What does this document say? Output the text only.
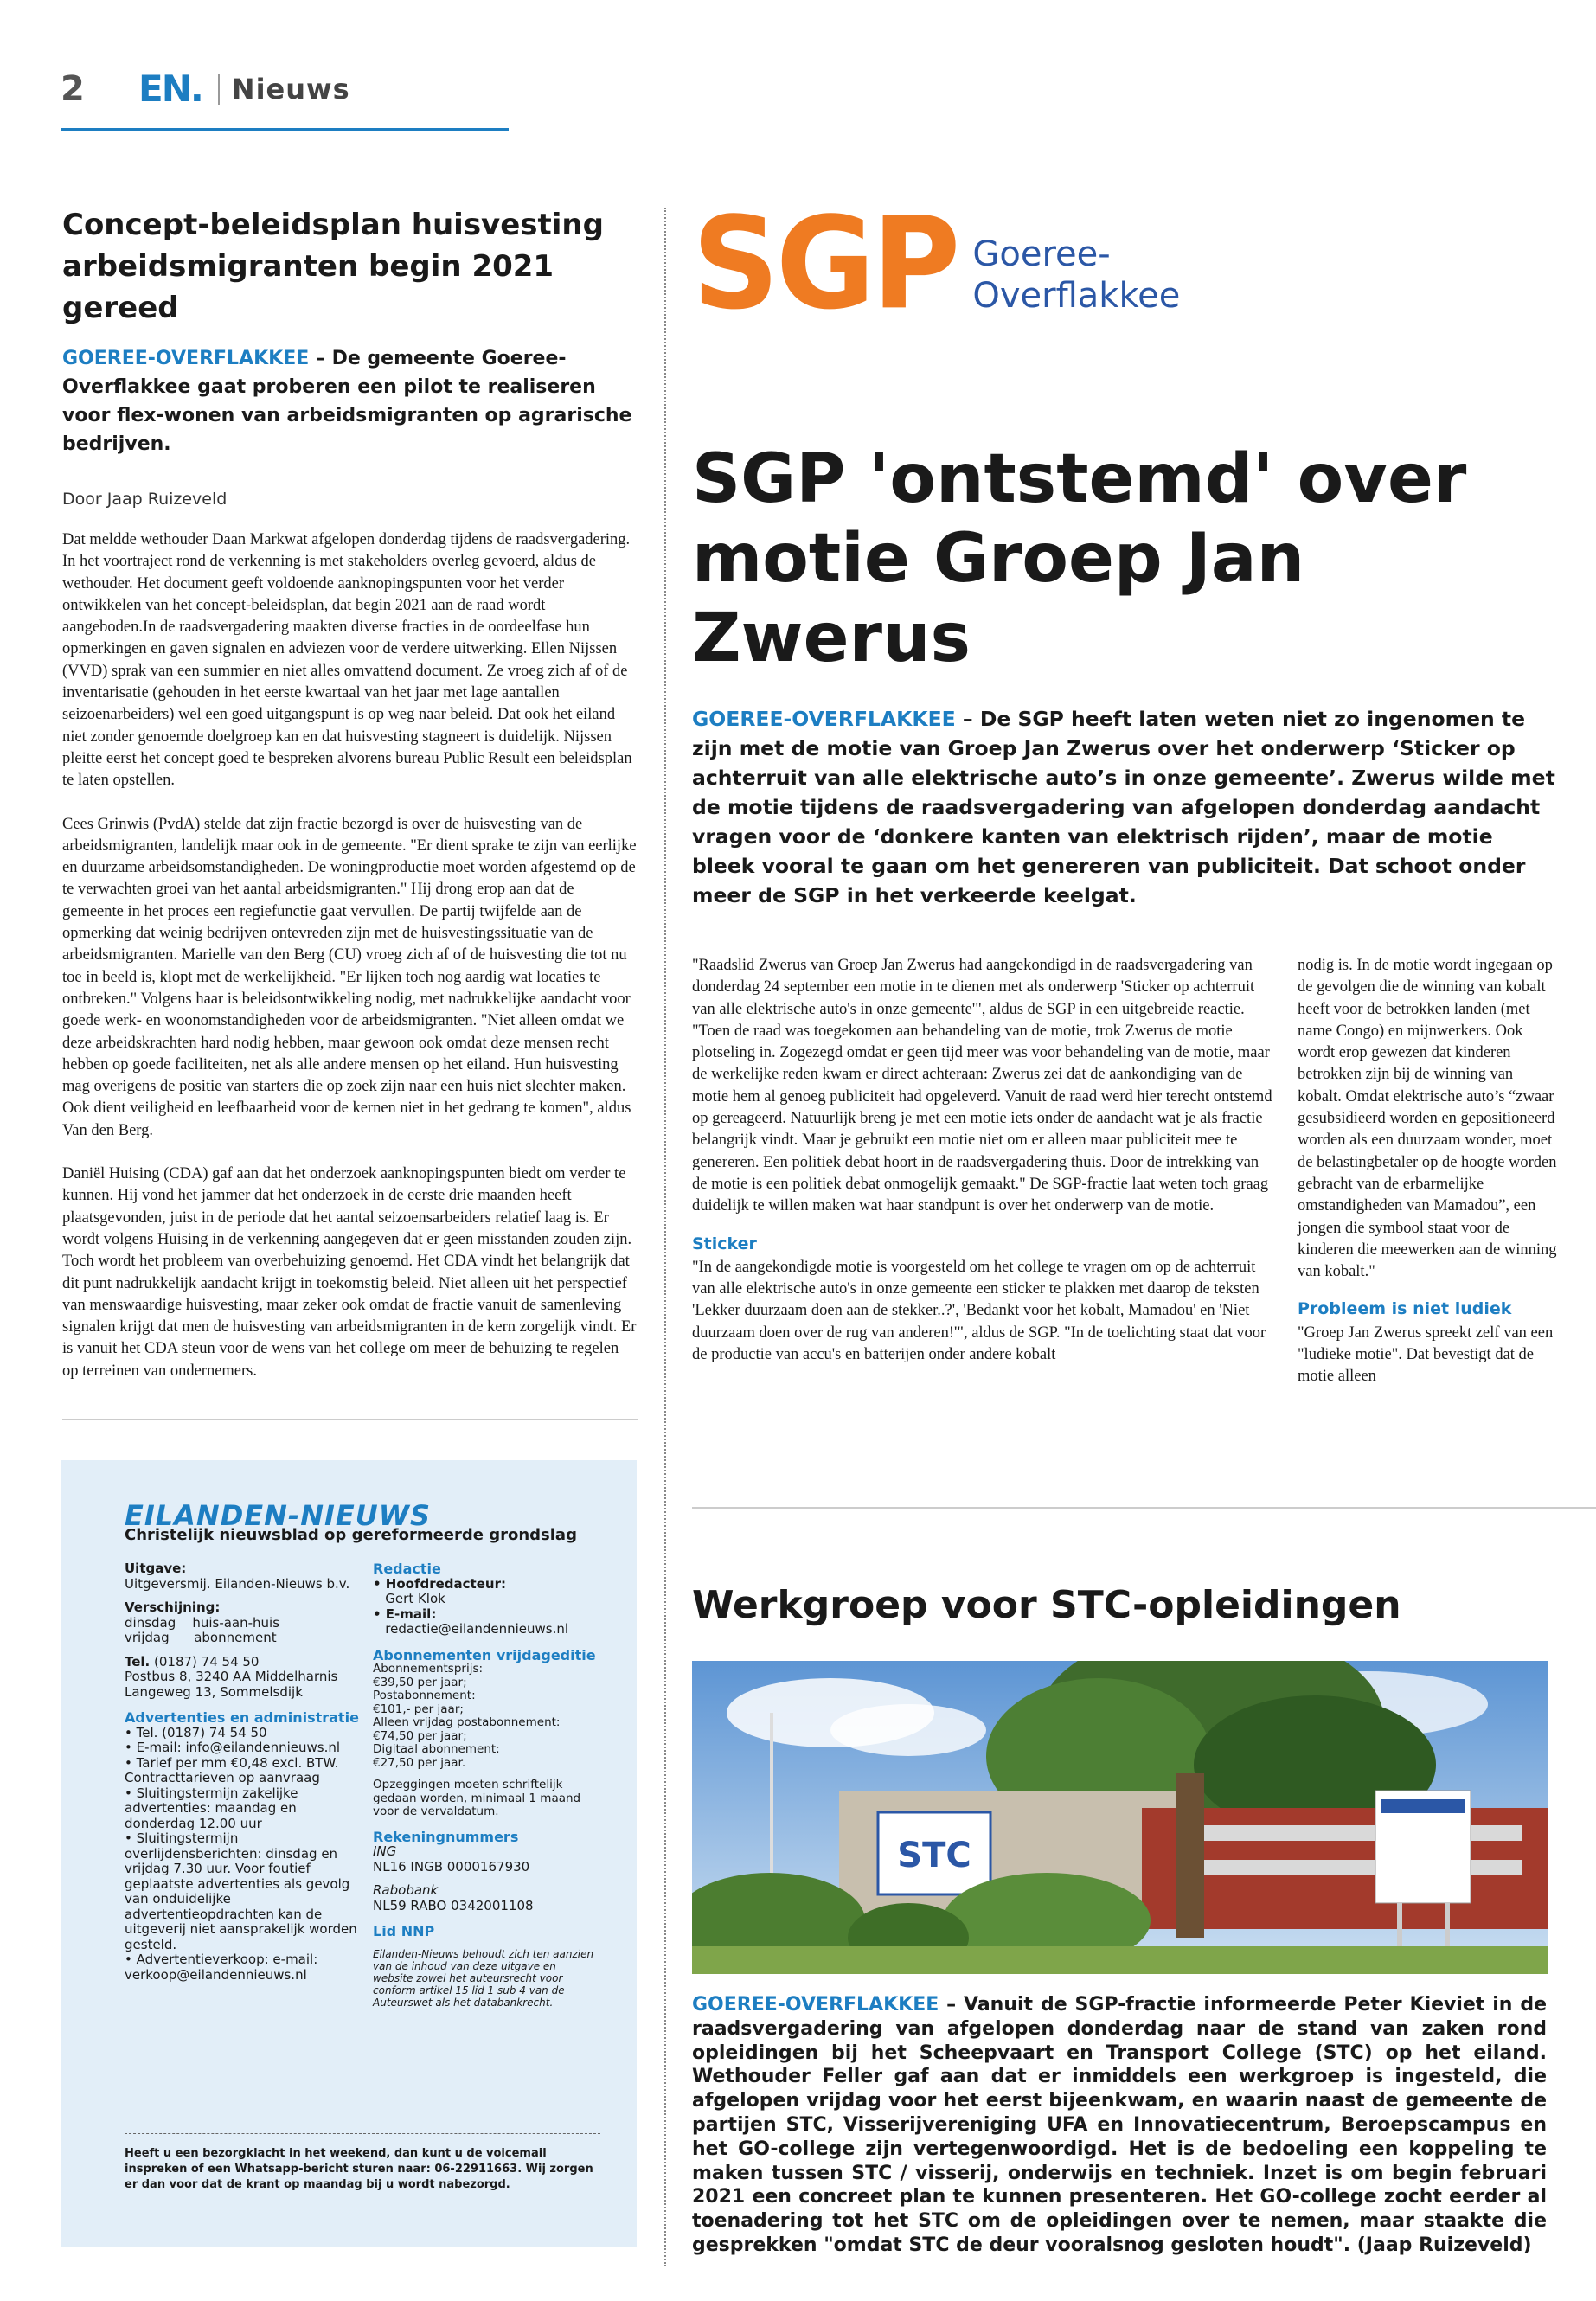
2	EN. Nieuws
Concept-beleidsplan huisvesting arbeidsmigranten begin 2021 gereed

GOEREE-OVERFLAKKEE – De gemeente Goeree-Overflakkee gaat proberen een pilot te realiseren voor flex-wonen van arbeidsmigranten op agrarische bedrijven.

Door Jaap Ruizeveld

Dat meldde wethouder Daan Markwat afgelopen donderdag tijdens de raadsvergadering. In het voortraject rond de verkenning is met stakeholders overleg gevoerd, aldus de wethouder. Het document geeft voldoende aanknopingspunten voor het verder ontwikkelen van het concept-beleidsplan, dat begin 2021 aan de raad wordt aangeboden.In de raadsvergadering maakten diverse fracties in de oordeelfase hun opmerkingen en gaven signalen en adviezen voor de verdere uitwerking. Ellen Nijssen (VVD) sprak van een summier en niet alles omvattend document. Ze vroeg zich af of de inventarisatie (gehouden in het eerste kwartaal van het jaar met lage aantallen seizoenarbeiders) wel een goed uitgangspunt is op weg naar beleid. Dat ook het eiland niet zonder genoemde doelgroep kan en dat huisvesting stagneert is duidelijk. Nijssen pleitte eerst het concept goed te bespreken alvorens bureau Public Result een beleidsplan te laten opstellen.

Cees Grinwis (PvdA) stelde dat zijn fractie bezorgd is over de huisvesting van de arbeidsmigranten, landelijk maar ook in de gemeente. "Er dient sprake te zijn van eerlijke en duurzame arbeidsomstandigheden. De woningproductie moet worden afgestemd op de te verwachten groei van het aantal arbeidsmigranten." Hij drong erop aan dat de gemeente in het proces een regiefunctie gaat vervullen. De partij twijfelde aan de opmerking dat weinig bedrijven ontevreden zijn met de huisvestingssituatie van de arbeidsmigranten. Marielle van den Berg (CU) vroeg zich af of de huisvesting die tot nu toe in beeld is, klopt met de werkelijkheid. "Er lijken toch nog aardig wat locaties te ontbreken." Volgens haar is beleidsontwikkeling nodig, met nadrukkelijke aandacht voor goede werk- en woonomstandigheden voor de arbeidsmigranten. "Niet alleen omdat we deze arbeidskrachten hard nodig hebben, maar gewoon ook omdat deze mensen recht hebben op goede faciliteiten, net als alle andere mensen op het eiland. Hun huisvesting mag overigens de positie van starters die op zoek zijn naar een huis niet slechter maken. Ook dient veiligheid en leefbaarheid voor de kernen niet in het gedrang te komen", aldus Van den Berg.

Daniël Huising (CDA) gaf aan dat het onderzoek aanknopingspunten biedt om verder te kunnen. Hij vond het jammer dat het onderzoek in de eerste drie maanden heeft plaatsgevonden, juist in de periode dat het aantal seizoensarbeiders relatief laag is. Er wordt volgens Huising in de verkenning aangegeven dat er geen misstanden zouden zijn. Toch wordt het probleem van overbehuizing genoemd. Het CDA vindt het belangrijk dat dit punt nadrukkelijk aandacht krijgt in toekomstig beleid. Niet alleen uit het perspectief van menswaardige huisvesting, maar zeker ook omdat de fractie vanuit de samenleving signalen krijgt dat men de huisvesting van arbeidsmigranten in de kern zorgelijk vindt. Er is vanuit het CDA steun voor de wens van het college om meer de behuizing te regelen op terreinen van ondernemers.

SGP Goeree-
Overflakkee
SGP 'ontstemd' over motie Groep Jan Zwerus

GOEREE-OVERFLAKKEE – De SGP heeft laten weten niet zo ingenomen te zijn met de motie van Groep Jan Zwerus over het onderwerp ‘Sticker op achterruit van alle elektrische auto’s in onze gemeente’. Zwerus wilde met de motie tijdens de raadsvergadering van afgelopen donderdag aandacht vragen voor de ‘donkere kanten van elektrisch rijden’, maar de motie bleek vooral te gaan om het genereren van publiciteit. Dat schoot onder meer de SGP in het verkeerde keelgat.

"Raadslid Zwerus van Groep Jan Zwerus had aangekondigd in de raadsvergadering van donderdag 24 september een motie in te dienen met als onderwerp 'Sticker op achterruit van alle elektrische auto's in onze gemeente'", aldus de SGP in een uitgebreide reactie. "Toen de raad was toegekomen aan behandeling van de motie, trok Zwerus de motie plotseling in. Zogezegd omdat er geen tijd meer was voor behandeling van de motie, maar de werkelijke reden kwam er direct achteraan: Zwerus zei dat de aankondiging van de motie hem al genoeg publiciteit had opgeleverd. Vanuit de raad werd hier terecht ontstemd op gereageerd. Natuurlijk breng je met een motie iets onder de aandacht wat je als fractie belangrijk vindt. Maar je gebruikt een motie niet om er alleen maar publiciteit mee te genereren. Een politiek debat hoort in de raadsvergadering thuis. Door de intrekking van de motie is een politiek debat onmogelijk gemaakt." De SGP-fractie laat weten toch graag duidelijk te willen maken wat haar standpunt is over het onderwerp van de motie.

Sticker

"In de aangekondigde motie is voorgesteld om het college te vragen om op de achterruit van alle elektrische auto's in onze gemeente een sticker te plakken met daarop de teksten 'Lekker duurzaam doen aan de stekker..?', 'Bedankt voor het kobalt, Mamadou' en 'Niet duurzaam doen over de rug van anderen!'", aldus de SGP. "In de toelichting staat dat voor de productie van accu's en batterijen onder andere kobalt

nodig is. In de motie wordt ingegaan op de gevolgen die de winning van kobalt heeft voor de betrokken landen (met name Congo) en mijnwerkers. Ook wordt erop gewezen dat kinderen betrokken zijn bij de winning van kobalt. Omdat elektrische auto’s “zwaar gesubsidieerd worden en gepositioneerd worden als een duurzaam wonder, moet de belastingbetaler op de hoogte worden gebracht van de erbarmelijke omstandigheden van Mamadou”, een jongen die symbool staat voor de kinderen die meewerken aan de winning van kobalt."

Probleem is niet ludiek

"Groep Jan Zwerus spreekt zelf van een "ludieke motie". Dat bevestigt dat de motie alleen

EILANDEN-NIEUWS
Christelijk nieuwsblad op gereformeerde grondslag
Uitgave:
Uitgeversmij. Eilanden-Nieuws b.v.
Verschijning:
dinsdag    huis-aan-huis
vrijdag      abonnement
Tel. (0187) 74 54 50
Postbus 8, 3240 AA Middelharnis
Langeweg 13, Sommelsdijk
Advertenties en administratie
• Tel. (0187) 74 54 50
• E-mail: info@eilandennieuws.nl
• Tarief per mm €0,48 excl. BTW. Contracttarieven op aanvraag
• Sluitingstermijn zakelijke advertenties: maandag en donderdag 12.00 uur
• Sluitingstermijn overlijdensberichten: dinsdag en vrijdag 7.30 uur. Voor foutief geplaatste advertenties als gevolg van onduidelijke advertentieopdrachten kan de uitgeverij niet aansprakelijk worden gesteld.
• Advertentieverkoop: e-mail: verkoop@eilandennieuws.nl
Redactie
• Hoofdredacteur:
Gert Klok
• E-mail:
redactie@eilandennieuws.nl
Abonnementen vrijdageditie
Abonnementsprijs:
€39,50 per jaar;
Postabonnement:
€101,- per jaar;
Alleen vrijdag postabonnement:
€74,50 per jaar;
Digitaal abonnement:
€27,50 per jaar.
Opzeggingen moeten schriftelijk gedaan worden, minimaal 1 maand voor de vervaldatum.
Rekeningnummers
ING
NL16 INGB 0000167930
Rabobank
NL59 RABO 0342001108
Lid NNP
Eilanden-Nieuws behoudt zich ten aanzien van de inhoud van deze uitgave en website zowel het auteursrecht voor conform artikel 15 lid 1 sub 4 van de Auteurswet als het databankrecht.
Heeft u een bezorgklacht in het weekend, dan kunt u de voicemail inspreken of een Whatsapp-bericht sturen naar: 06-22911663. Wij zorgen er dan voor dat de krant op maandag bij u wordt nabezorgd.
Werkgroep voor STC-opleidingen
STC

GOEREE-OVERFLAKKEE – Vanuit de SGP-fractie informeerde Peter Kieviet in de raadsvergadering van afgelopen donderdag naar de stand van zaken rond opleidingen bij het Scheepvaart en Transport College (STC) op het eiland. Wethouder Feller gaf aan dat er inmiddels een werkgroep is ingesteld, die afgelopen vrijdag voor het eerst bijeenkwam, en waarin naast de gemeente de partijen STC, Visserijvereniging UFA en Innovatiecentrum, Beroepscampus en het GO-college zijn vertegenwoordigd. Het is de bedoeling een koppeling te maken tussen STC / visserij, onderwijs en techniek. Inzet is om begin februari 2021 een concreet plan te kunnen presenteren. Het GO-college zocht eerder al toenadering tot het STC om de opleidingen over te nemen, maar staakte die gesprekken "omdat STC de deur vooralsnog gesloten houdt". (Jaap Ruizeveld)
